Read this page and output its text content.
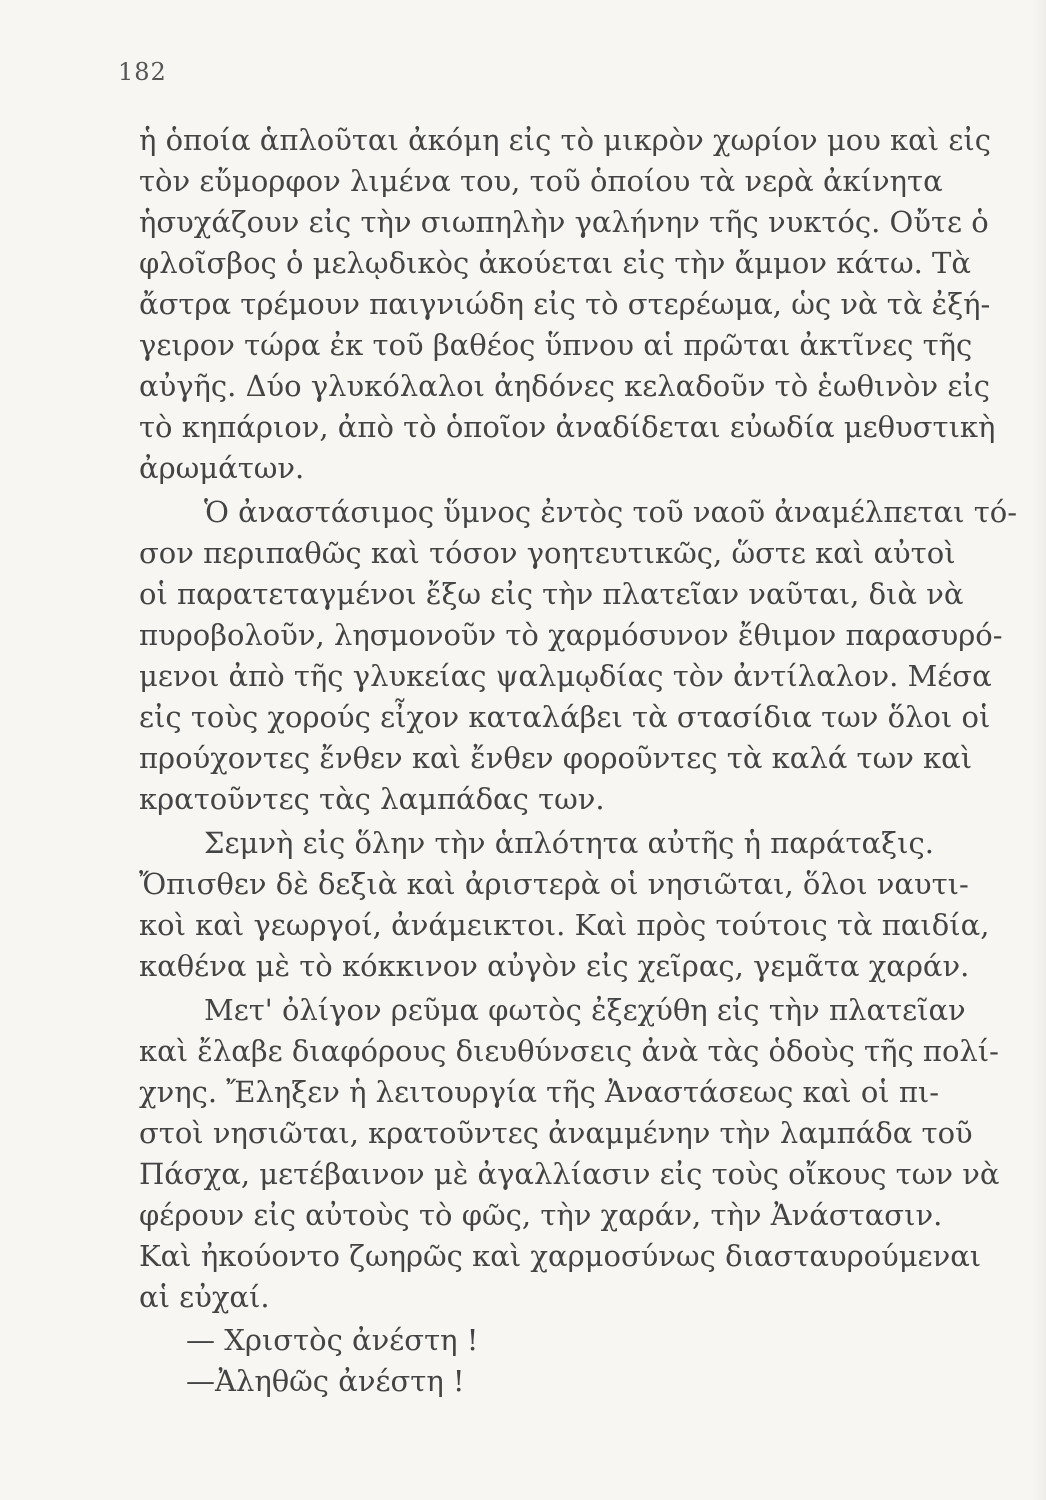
182
ἡ ὁποία ἁπλοῦται ἀκόμη εἰς τὸ μικρὸν χωρίον μου καὶ εἰς
τὸν εὔμορφον λιμένα του, τοῦ ὁποίου τὰ νερὰ ἀκίνητα
ἡσυχάζουν εἰς τὴν σιωπηλὴν γαλήνην τῆς νυκτός. Οὔτε ὁ
φλοῖσβος ὁ μελῳδικὸς ἀκούεται εἰς τὴν ἄμμον κάτω. Τὰ
ἄστρα τρέμουν παιγνιώδη εἰς τὸ στερέωμα, ὡς νὰ τὰ ἐξή-
γειρον τώρα ἐκ τοῦ βαθέος ὕπνου αἱ πρῶται ἀκτῖνες τῆς
αὐγῆς. Δύο γλυκόλαλοι ἀηδόνες κελαδοῦν τὸ ἑωθινὸν εἰς
τὸ κηπάριον, ἀπὸ τὸ ὁποῖον ἀναδίδεται εὐωδία μεθυστικὴ
ἀρωμάτων.
Ὁ ἀναστάσιμος ὕμνος ἐντὸς τοῦ ναοῦ ἀναμέλπεται τό-
σον περιπαθῶς καὶ τόσον γοητευτικῶς, ὥστε καὶ αὐτοὶ
οἱ παρατεταγμένοι ἔξω εἰς τὴν πλατεῖαν ναῦται, διὰ νὰ
πυροβολοῦν, λησμονοῦν τὸ χαρμόσυνον ἔθιμον παρασυρό-
μενοι ἀπὸ τῆς γλυκείας ψαλμῳδίας τὸν ἀντίλαλον. Μέσα
εἰς τοὺς χορούς εἶχον καταλάβει τὰ στασίδια των ὅλοι οἱ
προύχοντες ἔνθεν καὶ ἔνθεν φοροῦντες τὰ καλά των καὶ
κρατοῦντες τὰς λαμπάδας των.
Σεμνὴ εἰς ὅλην τὴν ἁπλότητα αὐτῆς ἡ παράταξις.
Ὄπισθεν δὲ δεξιὰ καὶ ἀριστερὰ οἱ νησιῶται, ὅλοι ναυτι-
κοὶ καὶ γεωργοί, ἀνάμεικτοι. Καὶ πρὸς τούτοις τὰ παιδία,
καθένα μὲ τὸ κόκκινον αὐγὸν εἰς χεῖρας, γεμᾶτα χαράν.
Μετ' ὀλίγον ρεῦμα φωτὸς ἐξεχύθη εἰς τὴν πλατεῖαν
καὶ ἔλαβε διαφόρους διευθύνσεις ἀνὰ τὰς ὁδοὺς τῆς πολί-
χνης. Ἔληξεν ἡ λειτουργία τῆς Ἀναστάσεως καὶ οἱ πι-
στοὶ νησιῶται, κρατοῦντες ἀναμμένην τὴν λαμπάδα τοῦ
Πάσχα, μετέβαινον μὲ ἀγαλλίασιν εἰς τοὺς οἴκους των νὰ
φέρουν εἰς αὐτοὺς τὸ φῶς, τὴν χαράν, τὴν Ἀνάστασιν.
Καὶ ἠκούοντο ζωηρῶς καὶ χαρμοσύνως διασταυρούμεναι
αἱ εὐχαί.
— Χριστὸς ἀνέστη !
—Ἀληθῶς ἀνέστη !
